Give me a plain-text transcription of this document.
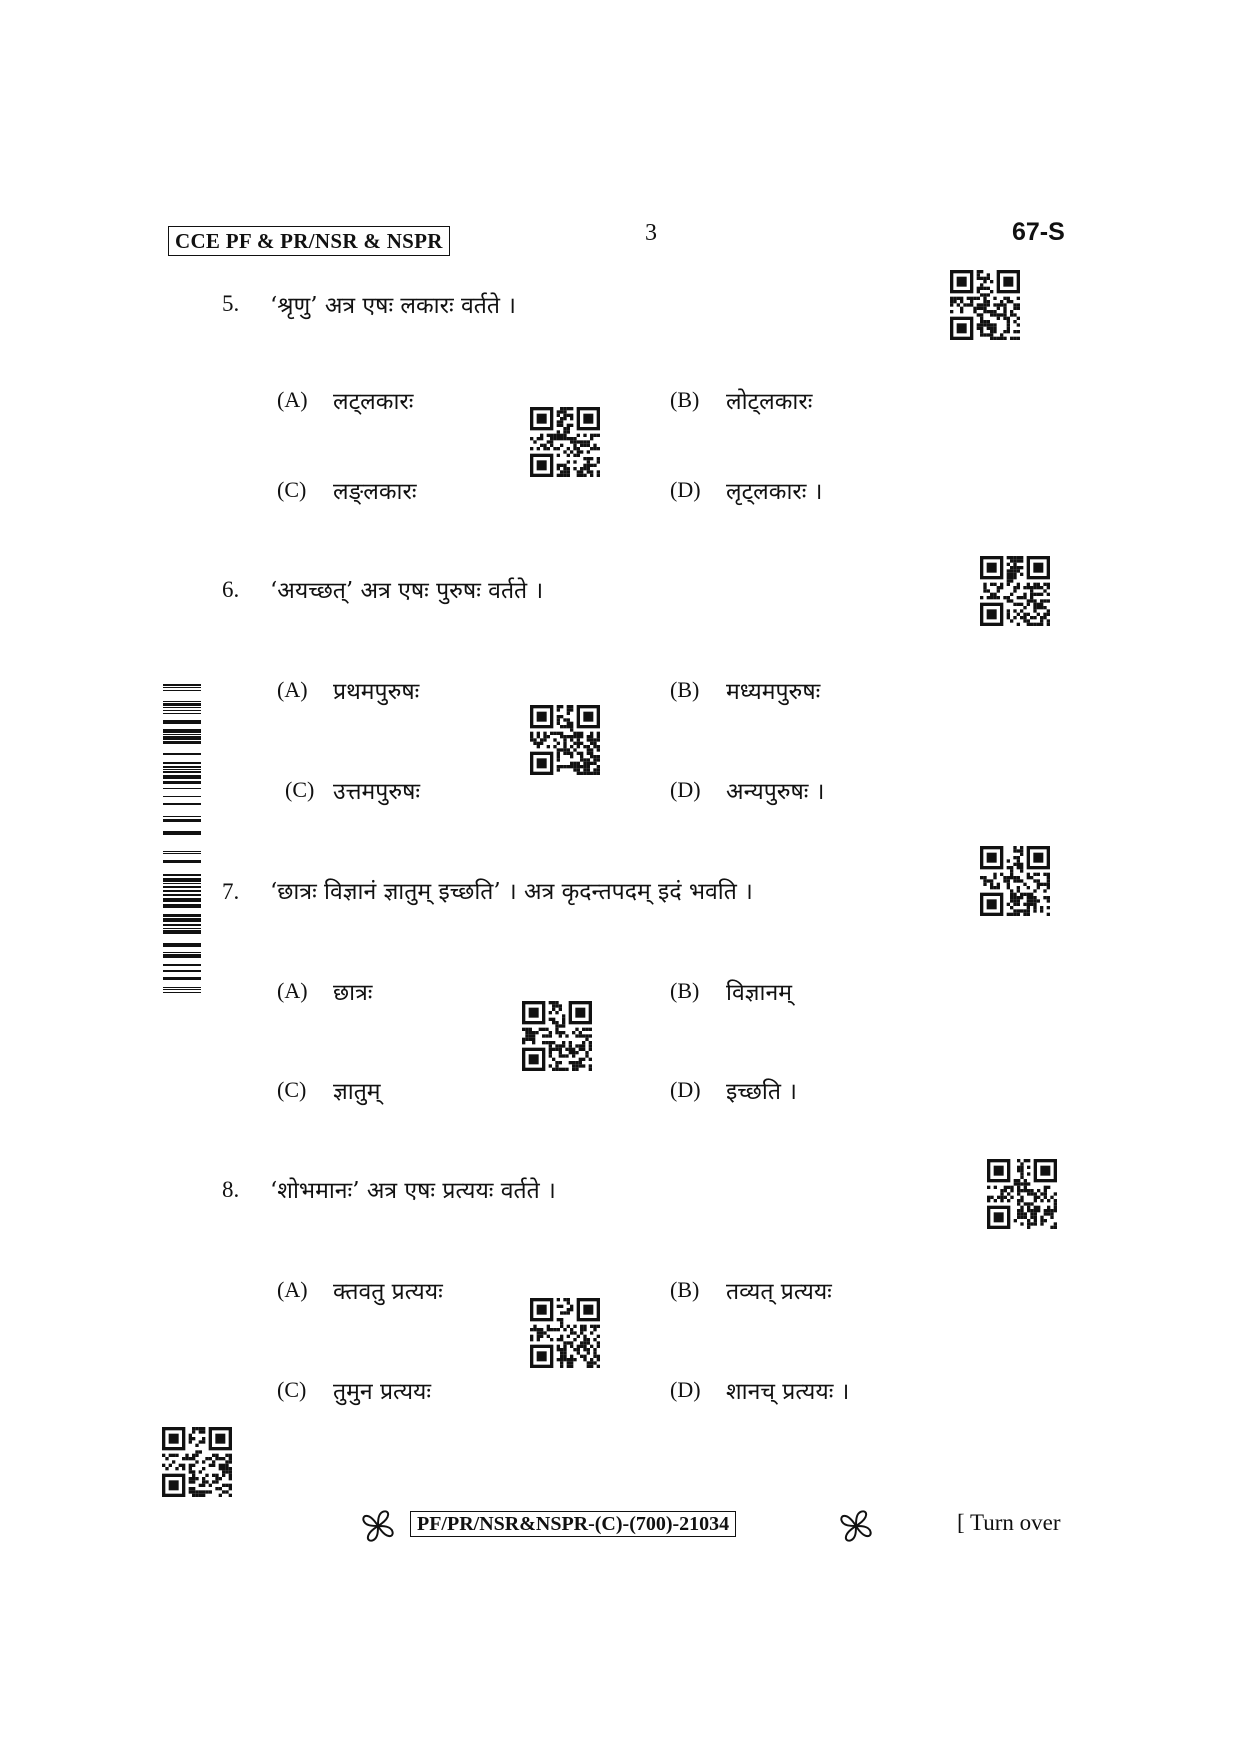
CCE PF & PR/NSR & NSPR	3	67-S
5. ‘श्रृणु’ अत्र एषः लकारः वर्तते ।
(A) लट्लकारः	(B) लोट्लकारः
(C) लङ्लकारः	(D) लृट्लकारः ।
6. ‘अयच्छत्’ अत्र एषः पुरुषः वर्तते ।
(A) प्रथमपुरुषः	(B) मध्यमपुरुषः
(C) उत्तमपुरुषः	(D) अन्यपुरुषः ।
7. ‘छात्रः विज्ञानं ज्ञातुम् इच्छति’ । अत्र कृदन्तपदम् इदं भवति ।
(A) छात्रः	(B) विज्ञानम्
(C) ज्ञातुम्	(D) इच्छति ।
8. ‘शोभमानः’ अत्र एषः प्रत्ययः वर्तते ।
(A) क्तवतु प्रत्ययः	(B) तव्यत् प्रत्ययः
(C) तुमुन प्रत्ययः	(D) शानच् प्रत्ययः ।
PF/PR/NSR&NSPR-(C)-(700)-21034	[ Turn over
